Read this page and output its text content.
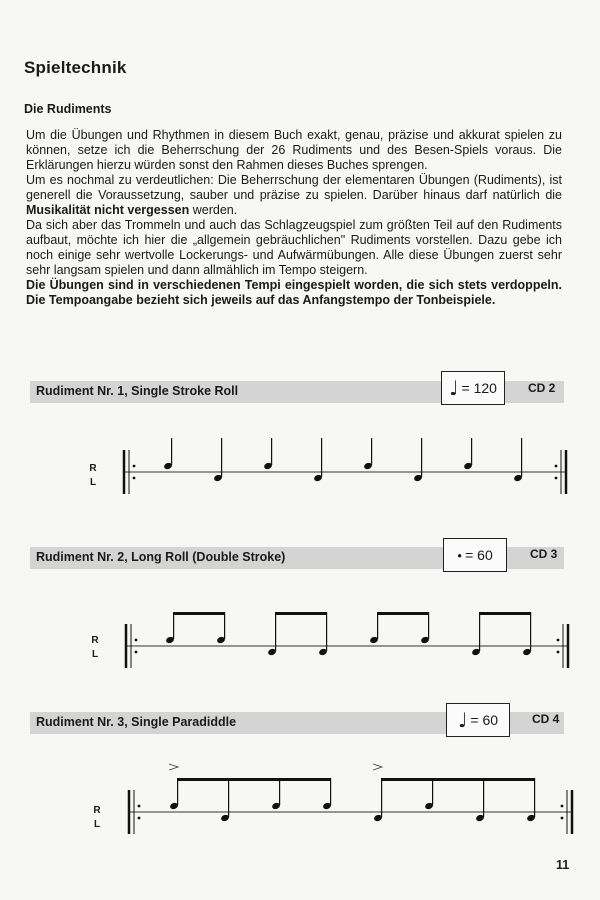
Spieltechnik
Die Rudiments

Um die Übungen und Rhythmen in diesem Buch exakt, genau, präzise und akkurat spielen zu können, setze ich die Beherrschung der 26 Rudiments und des Besen-Spiels voraus. Die Erklärungen hierzu würden sonst den Rahmen dieses Buches sprengen.

Um es nochmal zu verdeutlichen: Die Beherrschung der elementaren Übungen (Rudiments), ist generell die Voraussetzung, sauber und präzise zu spielen. Darüber hinaus darf natürlich die Musikalität nicht vergessen werden.

Da sich aber das Trommeln und auch das Schlagzeugspiel zum größten Teil auf den Rudiments aufbaut, möchte ich hier die „allgemein gebräuchlichen" Rudiments vorstellen. Dazu gebe ich noch einige sehr wertvolle Lockerungs- und Aufwärmübungen. Alle diese Übungen zuerst sehr sehr langsam spielen und dann allmählich im Tempo steigern.

Die Übungen sind in verschiedenen Tempi eingespielt worden, die sich stets verdoppeln. Die Tempoangabe bezieht sich jeweils auf das Anfangstempo der Tonbeispiele.

Rudiment Nr. 1, Single Stroke Roll	♩ = 120	CD 2
R
L
Rudiment Nr. 2, Long Roll (Double Stroke)	● = 60	CD 3
R
L
Rudiment Nr. 3, Single Paradiddle	♩ = 60	CD 4
R
L
11
